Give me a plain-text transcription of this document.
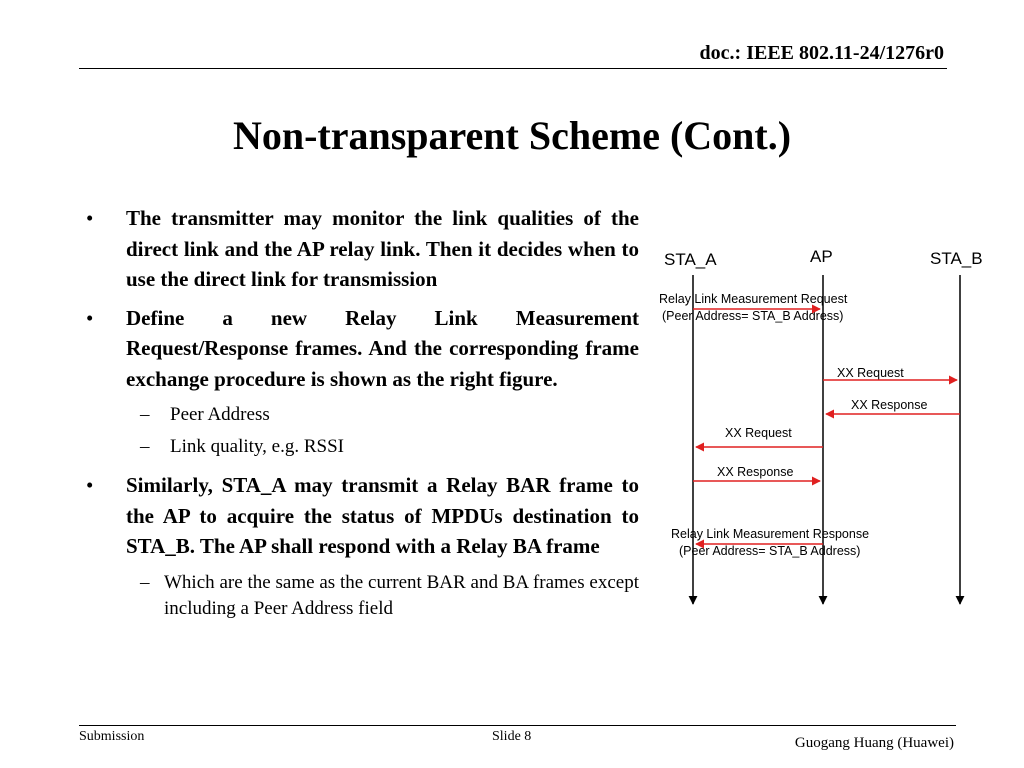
doc.: IEEE 802.11-24/1276r0
Non-transparent Scheme (Cont.)
• The transmitter may monitor the link qualities of the direct link and the AP relay link. Then it decides when to use the direct link for transmission
• Define a new Relay Link Measurement Request/Response frames. And the corresponding frame exchange procedure is shown as the right figure.
– Peer Address
– Link quality, e.g. RSSI
• Similarly, STA_A may transmit a Relay BAR frame to the AP to acquire the status of MPDUs destination to STA_B. The AP shall respond with a Relay BA frame
– Which are the same as the current BAR and BA frames except including a Peer Address field
STA_A	AP	STA_B
Relay Link Measurement Request
(Peer Address= STA_B Address)
XX Request
XX Response
XX Request
XX Response
Relay Link Measurement Response
(Peer Address= STA_B Address)
Submission	Slide 8	Guogang Huang (Huawei)
